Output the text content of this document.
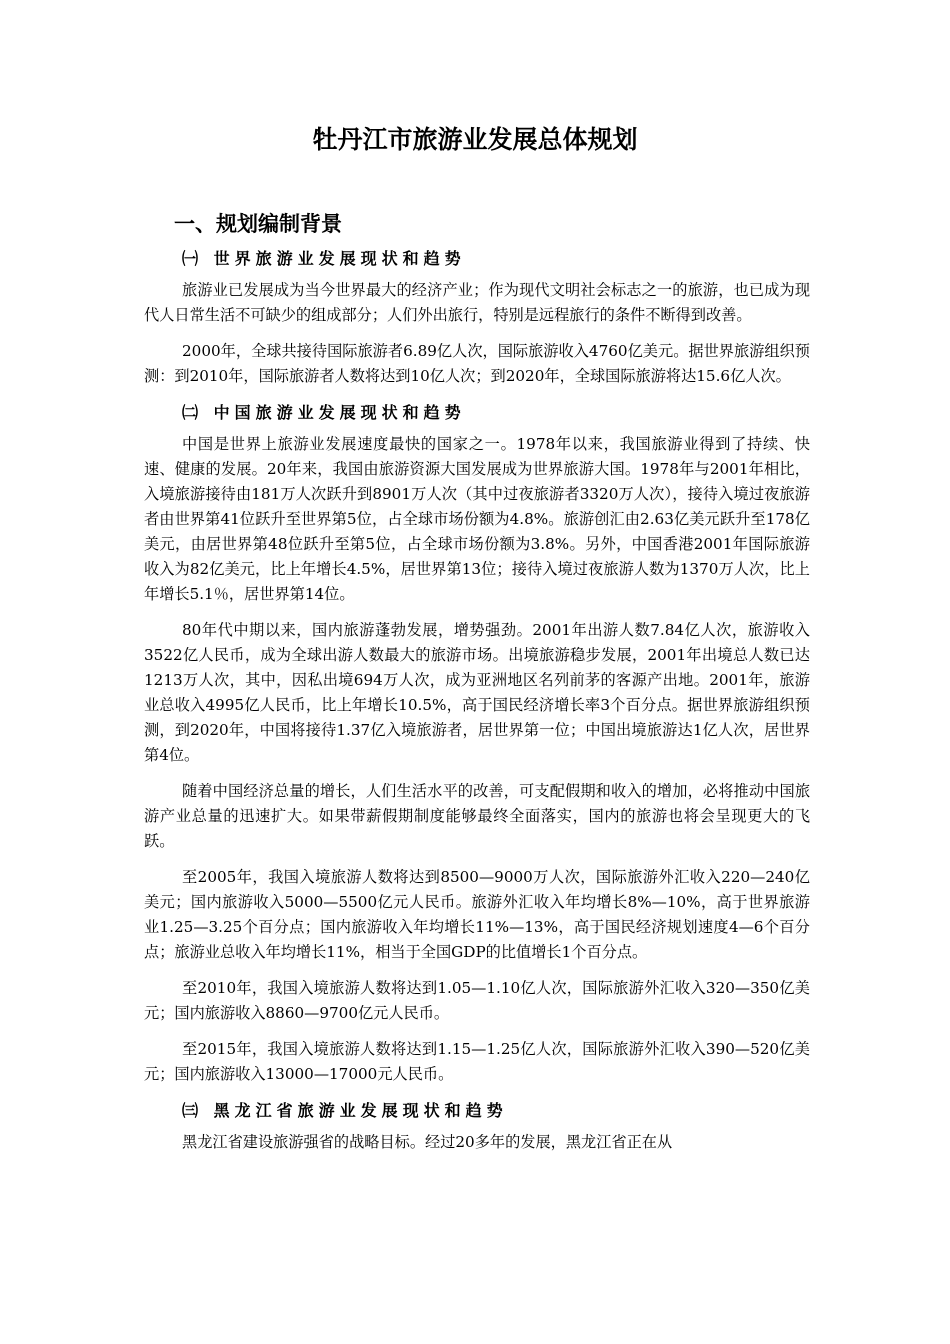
牡丹江市旅游业发展总体规划
一、规划编制背景
㈠ 世界旅游业发展现状和趋势

旅游业已发展成为当今世界最大的经济产业；作为现代文明社会标志之一的旅游，也已成为现代人日常生活不可缺少的组成部分；人们外出旅行，特别是远程旅行的条件不断得到改善。

2000年，全球共接待国际旅游者6.89亿人次，国际旅游收入4760亿美元。据世界旅游组织预测：到2010年，国际旅游者人数将达到10亿人次；到2020年，全球国际旅游将达15.6亿人次。

㈡ 中国旅游业发展现状和趋势

中国是世界上旅游业发展速度最快的国家之一。1978年以来，我国旅游业得到了持续、快速、健康的发展。20年来，我国由旅游资源大国发展成为世界旅游大国。1978年与2001年相比，入境旅游接待由181万人次跃升到8901万人次（其中过夜旅游者3320万人次），接待入境过夜旅游者由世界第41位跃升至世界第5位，占全球市场份额为4.8%。旅游创汇由2.63亿美元跃升至178亿美元，由居世界第48位跃升至第5位，占全球市场份额为3.8%。另外，中国香港2001年国际旅游收入为82亿美元，比上年增长4.5%，居世界第13位；接待入境过夜旅游人数为1370万人次，比上年增长5.1％，居世界第14位。

80年代中期以来，国内旅游蓬勃发展，增势强劲。2001年出游人数7.84亿人次，旅游收入3522亿人民币，成为全球出游人数最大的旅游市场。出境旅游稳步发展，2001年出境总人数已达1213万人次，其中，因私出境694万人次，成为亚洲地区名列前茅的客源产出地。2001年，旅游业总收入4995亿人民币，比上年增长10.5%，高于国民经济增长率3个百分点。据世界旅游组织预测，到2020年，中国将接待1.37亿入境旅游者，居世界第一位；中国出境旅游达1亿人次，居世界第4位。

随着中国经济总量的增长，人们生活水平的改善，可支配假期和收入的增加，必将推动中国旅游产业总量的迅速扩大。如果带薪假期制度能够最终全面落实，国内的旅游也将会呈现更大的飞跃。

至2005年，我国入境旅游人数将达到8500—9000万人次，国际旅游外汇收入220—240亿美元；国内旅游收入5000—5500亿元人民币。旅游外汇收入年均增长8%—10%，高于世界旅游业1.25—3.25个百分点；国内旅游收入年均增长11%—13%，高于国民经济规划速度4—6个百分点；旅游业总收入年均增长11%，相当于全国GDP的比值增长1个百分点。

至2010年，我国入境旅游人数将达到1.05—1.10亿人次，国际旅游外汇收入320—350亿美元；国内旅游收入8860—9700亿元人民币。

至2015年，我国入境旅游人数将达到1.15—1.25亿人次，国际旅游外汇收入390—520亿美元；国内旅游收入13000—17000元人民币。

㈢ 黑龙江省旅游业发展现状和趋势

黑龙江省建设旅游强省的战略目标。经过20多年的发展，黑龙江省正在从
